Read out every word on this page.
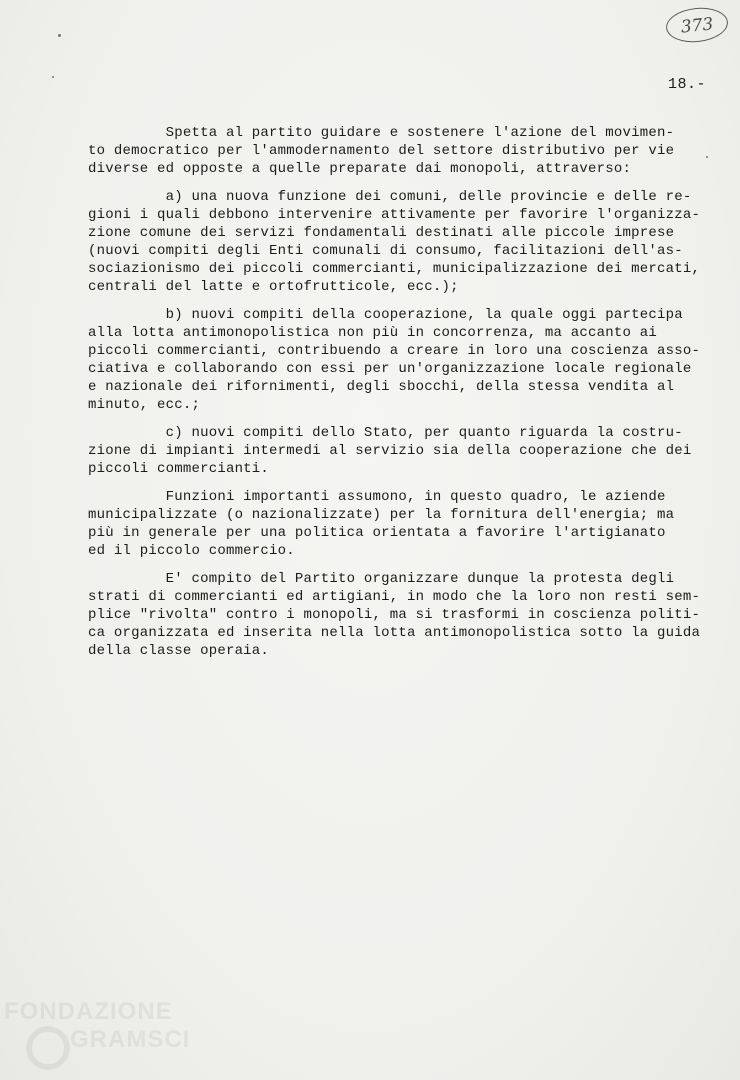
373
18.-
Spetta al partito guidare e sostenere l'azione del movimen-
to democratico per l'ammodernamento del settore distributivo per vie
diverse ed opposte a quelle preparate dai monopoli, attraverso:
a) una nuova funzione dei comuni, delle provincie e delle re-
gioni i quali debbono intervenire attivamente per favorire l'organizza-
zione comune dei servizi fondamentali destinati alle piccole imprese
(nuovi compiti degli Enti comunali di consumo, facilitazioni dell'as-
sociazionismo dei piccoli commercianti, municipalizzazione dei mercati,
centrali del latte e ortofrutticole, ecc.);
b) nuovi compiti della cooperazione, la quale oggi partecipa
alla lotta antimonopolistica non più in concorrenza, ma accanto ai
piccoli commercianti, contribuendo a creare in loro una coscienza asso-
ciativa e collaborando con essi per un'organizzazione locale regionale
e nazionale dei rifornimenti, degli sbocchi, della stessa vendita al
minuto, ecc.;
c) nuovi compiti dello Stato, per quanto riguarda la costru-
zione di impianti intermedi al servizio sia della cooperazione che dei
piccoli commercianti.
Funzioni importanti assumono, in questo quadro, le aziende
municipalizzate (o nazionalizzate) per la fornitura dell'energia; ma
più in generale per una politica orientata a favorire l'artigianato
ed il piccolo commercio.
E' compito del Partito organizzare dunque la protesta degli
strati di commercianti ed artigiani, in modo che la loro non resti sem-
plice "rivolta" contro i monopoli, ma si trasformi in coscienza politi-
ca organizzata ed inserita nella lotta antimonopolistica sotto la guida
della classe operaia.
FONDAZIONE
GRAMSCI
